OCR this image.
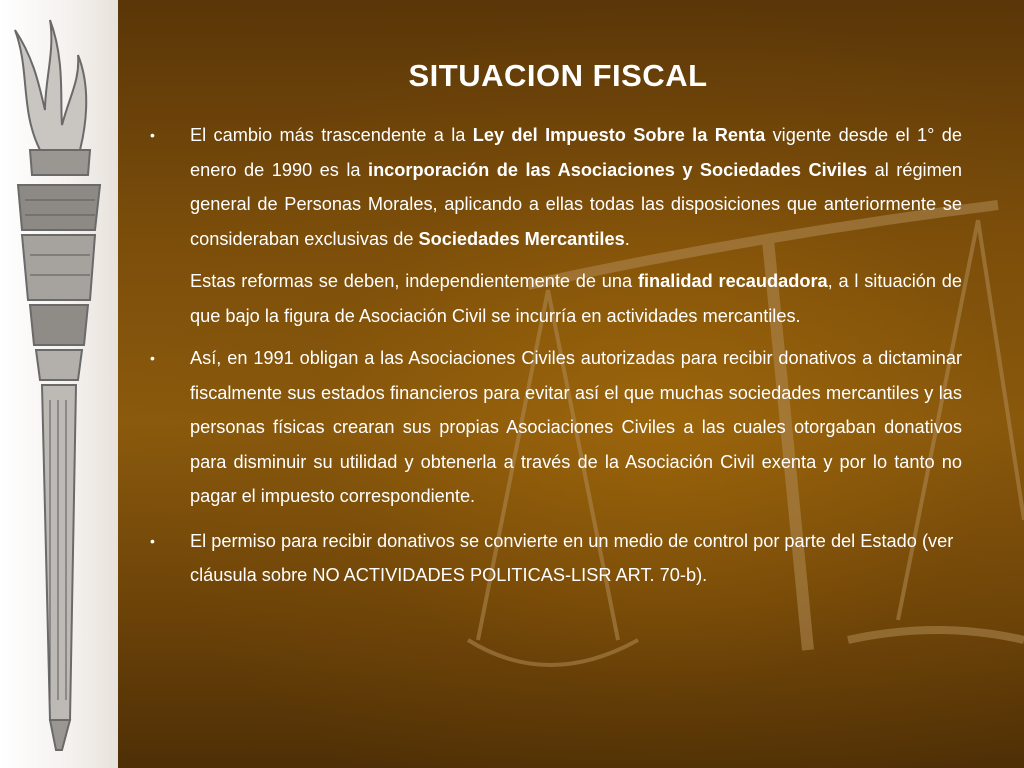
SITUACION FISCAL

• El cambio más trascendente a la Ley del Impuesto Sobre la Renta vigente desde el 1° de enero de 1990 es la incorporación de las Asociaciones y Sociedades Civiles al régimen general de Personas Morales, aplicando a ellas todas las disposiciones que anteriormente se consideraban exclusivas de Sociedades Mercantiles.

Estas reformas se deben, independientemente de una finalidad recaudadora, a l situación de que bajo la figura de Asociación Civil se incurría en actividades mercantiles.

• Así, en 1991 obligan a las Asociaciones Civiles autorizadas para recibir donativos a dictaminar fiscalmente sus estados financieros para evitar así el que muchas sociedades mercantiles y las personas físicas crearan sus propias Asociaciones Civiles a las cuales otorgaban donativos para disminuir su utilidad y obtenerla a través de la Asociación Civil exenta y por lo tanto no pagar el impuesto correspondiente.

• El permiso para recibir donativos se convierte en un medio de control por parte del Estado (ver cláusula sobre NO ACTIVIDADES POLITICAS-LISR ART. 70-b).
